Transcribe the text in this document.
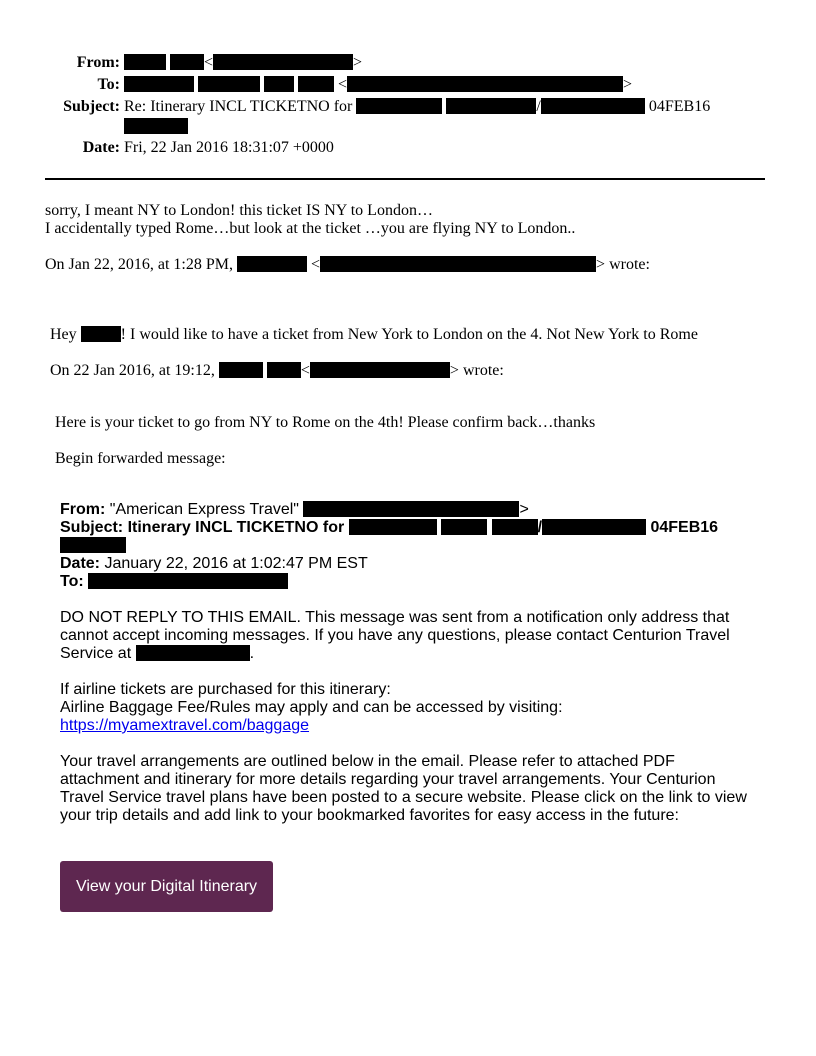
From:	<	>
To:	<	>
Subject: Re: Itinerary INCL TICKETNO for	/	04FEB16
Date: Fri, 22 Jan 2016 18:31:07 +0000
sorry, I meant NY to London! this ticket IS NY to London…
I accidentally typed Rome…but look at the ticket …you are flying NY to London..
On Jan 22, 2016, at 1:28 PM,	<	> wrote:
Hey	! I would like to have a ticket from New York to London on the 4. Not New York to Rome
On 22 Jan 2016, at 19:12,	<	> wrote:
Here is your ticket to go from NY to Rome on the 4th! Please confirm back…thanks
Begin forwarded message:
From: "American Express Travel"	>
Subject: Itinerary INCL TICKETNO for	/	04FEB16
Date: January 22, 2016 at 1:02:47 PM EST
To:
DO NOT REPLY TO THIS EMAIL. This message was sent from a notification only address that
cannot accept incoming messages. If you have any questions, please contact Centurion Travel
Service at	.
If airline tickets are purchased for this itinerary:
Airline Baggage Fee/Rules may apply and can be accessed by visiting:
https://myamextravel.com/baggage
Your travel arrangements are outlined below in the email. Please refer to attached PDF
attachment and itinerary for more details regarding your travel arrangements. Your Centurion
Travel Service travel plans have been posted to a secure website. Please click on the link to view
your trip details and add link to your bookmarked favorites for easy access in the future:
View your Digital Itinerary
